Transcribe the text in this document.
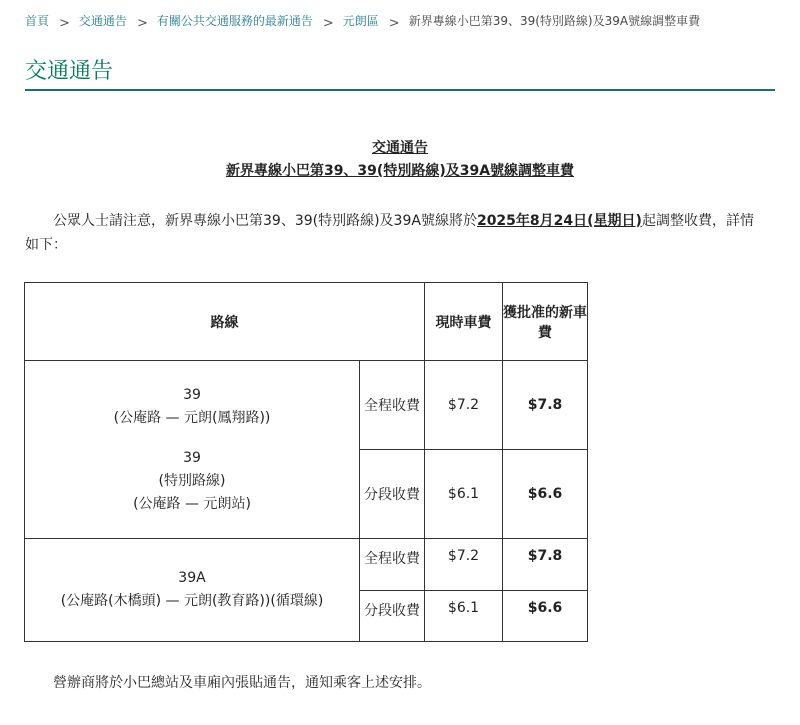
首頁 > 交通通告 > 有關公共交通服務的最新通告 > 元朗區 > 新界專線小巴第39、39(特別路線)及39A號線調整車費
交通通告
交通通告
新界專線小巴第39、39(特別路線)及39A號線調整車費

公眾人士請注意，新界專線小巴第39、39(特別路線)及39A號線將於2025年8月24日(星期日)起調整收費，詳情如下：

路線		現時車費	獲批准的新車費

39
(公庵路 — 元朗(鳳翔路))
39
(特別路線)
(公庵路 — 元朗站)	全程收費	$7.2	$7.8
	分段收費	$6.1	$6.6

39A
(公庵路(木橋頭) — 元朗(教育路))(循環線)	全程收費	$7.2	$7.8
	分段收費	$6.1	$6.6

營辦商將於小巴總站及車廂內張貼通告，通知乘客上述安排。
